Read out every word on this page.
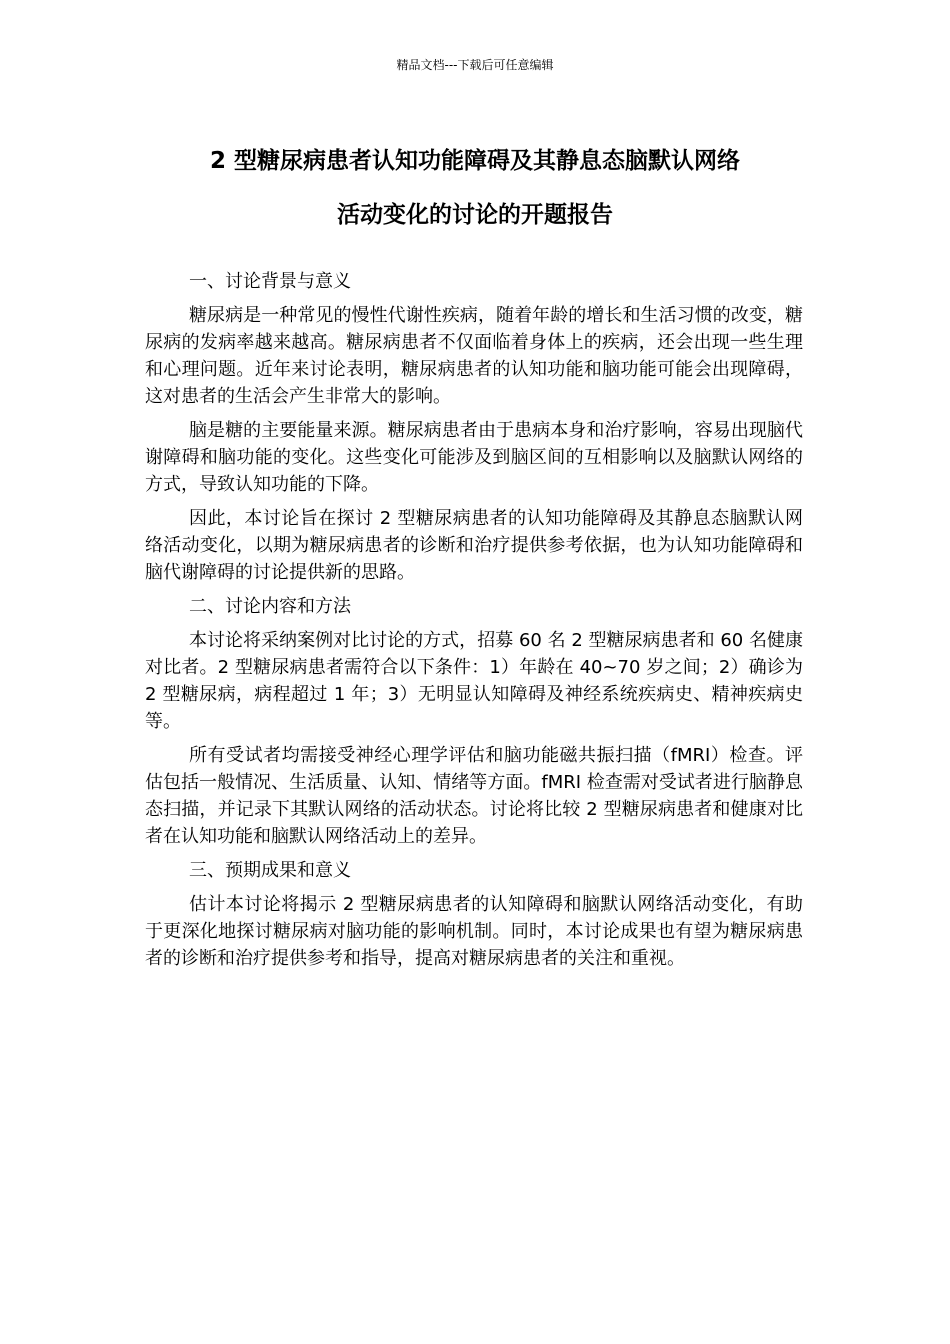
精品文档---下载后可任意编辑
2 型糖尿病患者认知功能障碍及其静息态脑默认网络
活动变化的讨论的开题报告

一、讨论背景与意义

糖尿病是一种常见的慢性代谢性疾病，随着年龄的增长和生活习惯的改变，糖尿病的发病率越来越高。糖尿病患者不仅面临着身体上的疾病，还会出现一些生理和心理问题。近年来讨论表明，糖尿病患者的认知功能和脑功能可能会出现障碍，这对患者的生活会产生非常大的影响。

脑是糖的主要能量来源。糖尿病患者由于患病本身和治疗影响，容易出现脑代谢障碍和脑功能的变化。这些变化可能涉及到脑区间的互相影响以及脑默认网络的方式，导致认知功能的下降。

因此，本讨论旨在探讨 2 型糖尿病患者的认知功能障碍及其静息态脑默认网络活动变化，以期为糖尿病患者的诊断和治疗提供参考依据，也为认知功能障碍和脑代谢障碍的讨论提供新的思路。

二、讨论内容和方法

本讨论将采纳案例对比讨论的方式，招募 60 名 2 型糖尿病患者和 60 名健康对比者。2 型糖尿病患者需符合以下条件：1）年龄在 40~70 岁之间；2）确诊为 2 型糖尿病，病程超过 1 年；3）无明显认知障碍及神经系统疾病史、精神疾病史等。

所有受试者均需接受神经心理学评估和脑功能磁共振扫描（fMRI）检查。评估包括一般情况、生活质量、认知、情绪等方面。fMRI 检查需对受试者进行脑静息态扫描，并记录下其默认网络的活动状态。讨论将比较 2 型糖尿病患者和健康对比者在认知功能和脑默认网络活动上的差异。

三、预期成果和意义

估计本讨论将揭示 2 型糖尿病患者的认知障碍和脑默认网络活动变化，有助于更深化地探讨糖尿病对脑功能的影响机制。同时，本讨论成果也有望为糖尿病患者的诊断和治疗提供参考和指导，提高对糖尿病患者的关注和重视。
